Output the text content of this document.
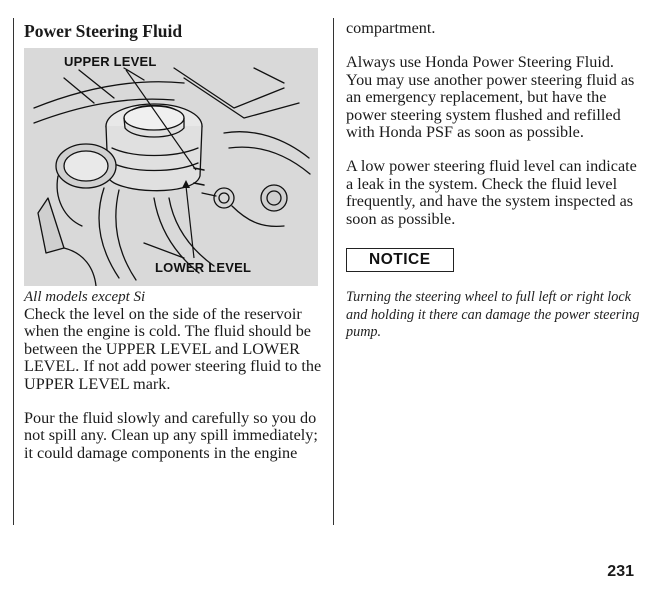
Power Steering Fluid
UPPER LEVEL
LOWER LEVEL
All models except Si

Check the level on the side of the reservoir when the engine is cold. The fluid should be between the UPPER LEVEL and LOWER LEVEL. If not add power steering fluid to the UPPER LEVEL mark.

Pour the fluid slowly and carefully so you do not spill any. Clean up any spill immediately; it could damage components in the engine

compartment.

Always use Honda Power Steering Fluid. You may use another power steering fluid as an emergency replacement, but have the power steering system flushed and refilled with Honda PSF as soon as possible.

A low power steering fluid level can indicate a leak in the system. Check the fluid level frequently, and have the system inspected as soon as possible.

NOTICE
Turning the steering wheel to full left or right lock and holding it there can damage the power steering pump.
231
